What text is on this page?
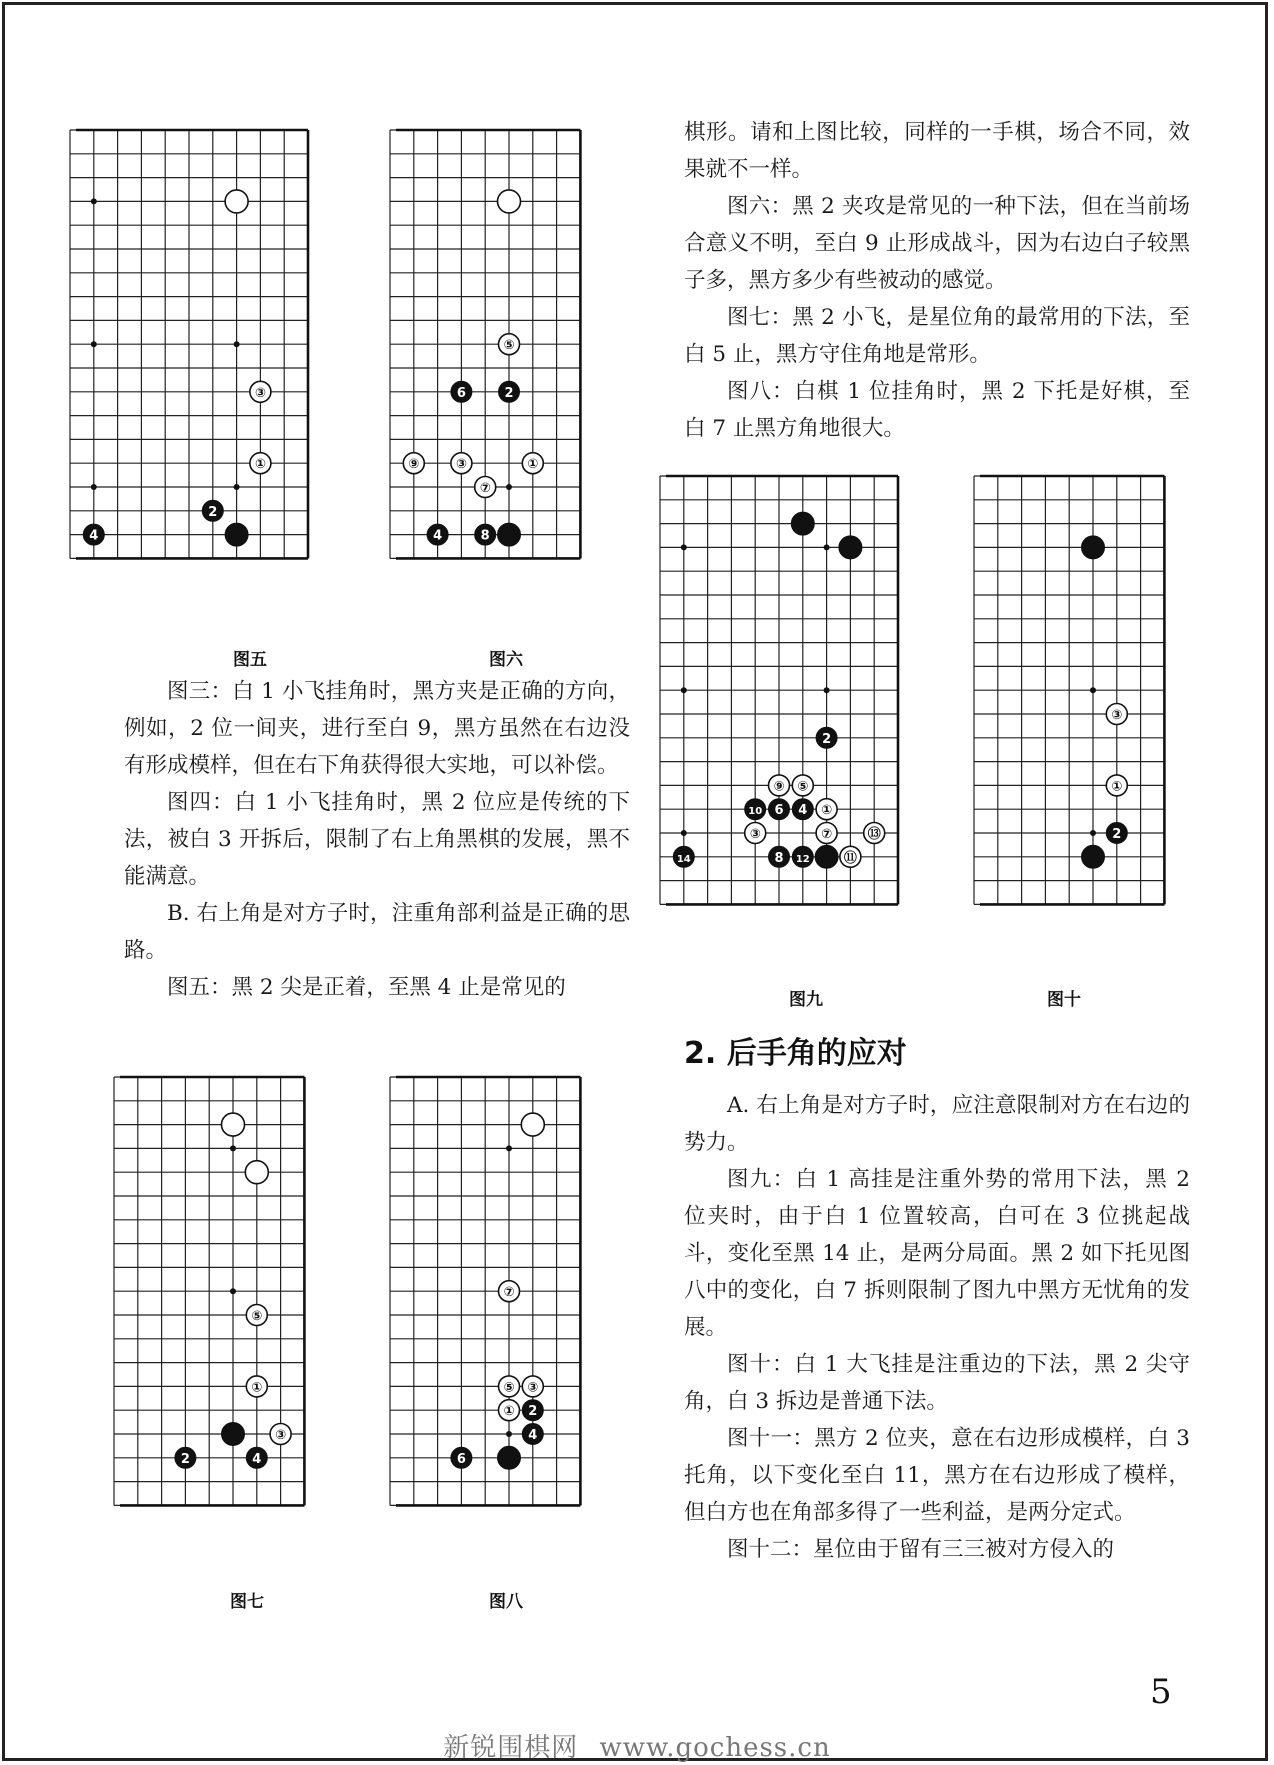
③
①
2
4
图五
⑤
6	2
⑨	③	①
⑦
4	8
图六
⑤
①
③
2	4
图七
⑦
⑤ ③
① 2
4
6
图八
2
⑨ ⑤
10 6 4 ①
③	⑦	⑬
14	8 12	⑪
图九
③
①
2
图十

图三：白 1 小飞挂角时，黑方夹是正确的方向，例如，2 位一间夹，进行至白 9，黑方虽然在右边没有形成模样，但在右下角获得很大实地，可以补偿。

图四：白 1 小飞挂角时，黑 2 位应是传统的下法，被白 3 开拆后，限制了右上角黑棋的发展，黑不能满意。

B. 右上角是对方子时，注重角部利益是正确的思路。

图五：黑 2 尖是正着，至黑 4 止是常见的

棋形。请和上图比较，同样的一手棋，场合不同，效果就不一样。

图六：黑 2 夹攻是常见的一种下法，但在当前场合意义不明，至白 9 止形成战斗，因为右边白子较黑子多，黑方多少有些被动的感觉。

图七：黑 2 小飞，是星位角的最常用的下法，至白 5 止，黑方守住角地是常形。

图八：白棋 1 位挂角时，黑 2 下托是好棋，至白 7 止黑方角地很大。

2. 后手角的应对

A. 右上角是对方子时，应注意限制对方在右边的势力。

图九：白 1 高挂是注重外势的常用下法，黑 2 位夹时，由于白 1 位置较高，白可在 3 位挑起战斗，变化至黑 14 止，是两分局面。黑 2 如下托见图八中的变化，白 7 拆则限制了图九中黑方无忧角的发展。

图十：白 1 大飞挂是注重边的下法，黑 2 尖守角，白 3 拆边是普通下法。

图十一：黑方 2 位夹，意在右边形成模样，白 3 托角，以下变化至白 11，黑方在右边形成了模样，但白方也在角部多得了一些利益，是两分定式。

图十二：星位由于留有三三被对方侵入的

5
新锐围棋网 www.gochess.cn
